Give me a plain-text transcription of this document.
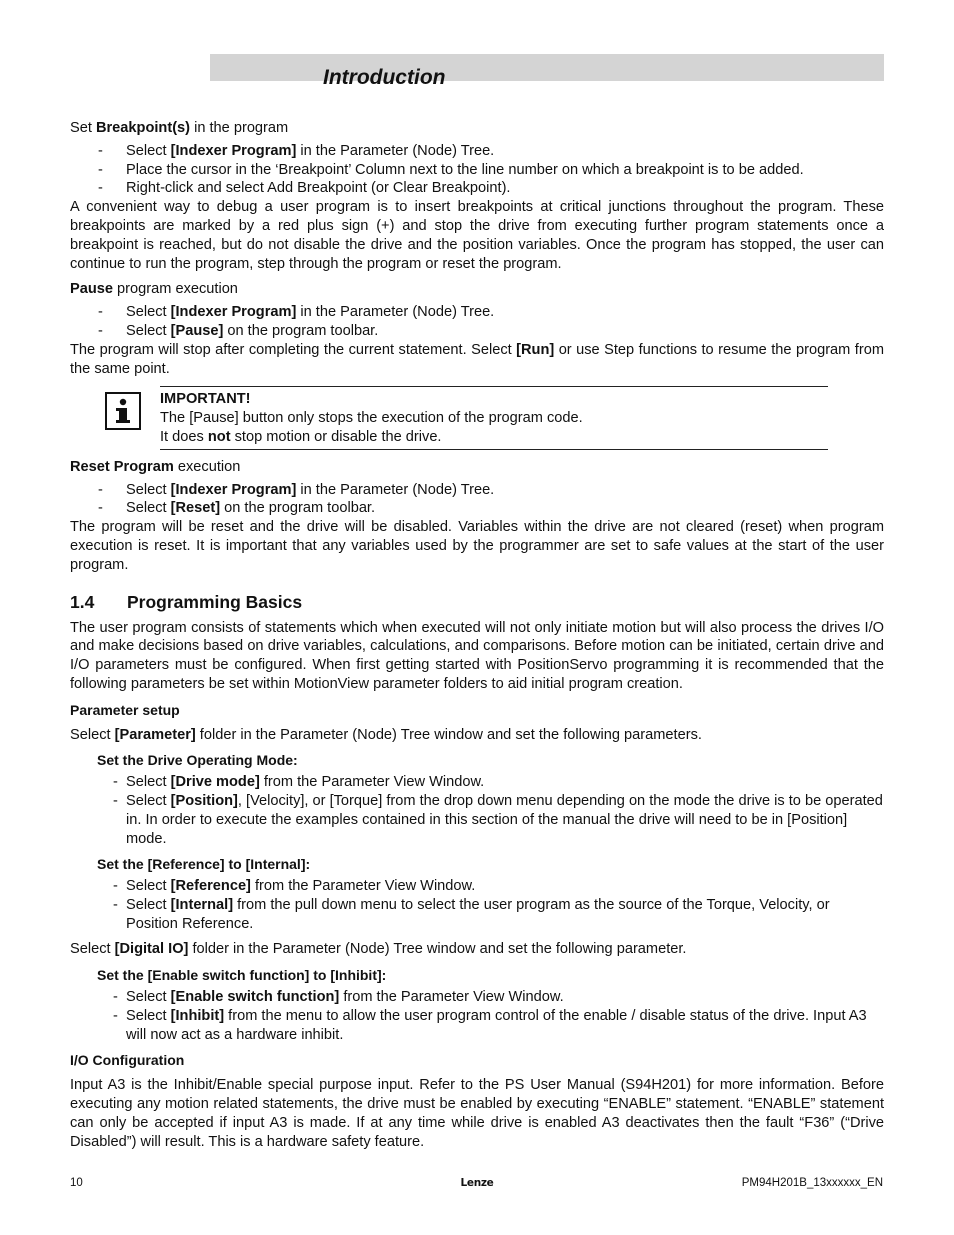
Introduction

Set Breakpoint(s) in the program

- Select [Indexer Program] in the Parameter (Node) Tree.
- Place the cursor in the ‘Breakpoint’ Column next to the line number on which a breakpoint is to be added.
- Right-click and select Add Breakpoint (or Clear Breakpoint).

A convenient way to debug a user program is to insert breakpoints at critical junctions throughout the program. These breakpoints are marked by a red plus sign (+) and stop the drive from executing further program statements once a breakpoint is reached, but do not disable the drive and the position variables. Once the program has stopped, the user can continue to run the program, step through the program or reset the program.

Pause program execution

- Select [Indexer Program] in the Parameter (Node) Tree.
- Select [Pause] on the program toolbar.

The program will stop after completing the current statement. Select [Run] or use Step functions to resume the program from the same point.

IMPORTANT!

The [Pause] button only stops the execution of the program code.

It does not stop motion or disable the drive.

Reset Program execution

- Select [Indexer Program] in the Parameter (Node) Tree.
- Select [Reset] on the program toolbar.

The program will be reset and the drive will be disabled. Variables within the drive are not cleared (reset) when program execution is reset. It is important that any variables used by the programmer are set to safe values at the start of the user program.

1.4 Programming Basics

The user program consists of statements which when executed will not only initiate motion but will also process the drives I/O and make decisions based on drive variables, calculations, and comparisons. Before motion can be initiated, certain drive and I/O parameters must be configured. When first getting started with PositionServo programming it is recommended that the following parameters be set within MotionView parameter folders to aid initial program creation.

Parameter setup

Select [Parameter] folder in the Parameter (Node) Tree window and set the following parameters.

Set the Drive Operating Mode:

- Select [Drive mode] from the Parameter View Window.
- Select [Position], [Velocity], or [Torque] from the drop down menu depending on the mode the drive is to be operated in. In order to execute the examples contained in this section of the manual the drive will need to be in [Position] mode.

Set the [Reference] to [Internal]:

- Select [Reference] from the Parameter View Window.
- Select [Internal] from the pull down menu to select the user program as the source of the Torque, Velocity, or Position Reference.

Select [Digital IO] folder in the Parameter (Node) Tree window and set the following parameter.

Set the [Enable switch function] to [Inhibit]:

- Select [Enable switch function] from the Parameter View Window.
- Select [Inhibit] from the menu to allow the user program control of the enable / disable status of the drive. Input A3 will now act as a hardware inhibit.

I/O Configuration

Input A3 is the Inhibit/Enable special purpose input. Refer to the PS User Manual (S94H201) for more information. Before executing any motion related statements, the drive must be enabled by executing “ENABLE” statement. “ENABLE” statement can only be accepted if input A3 is made. If at any time while drive is enabled A3 deactivates then the fault “F36” (“Drive Disabled”) will result. This is a hardware safety feature.

10	Lenze	PM94H201B_13xxxxxx_EN
